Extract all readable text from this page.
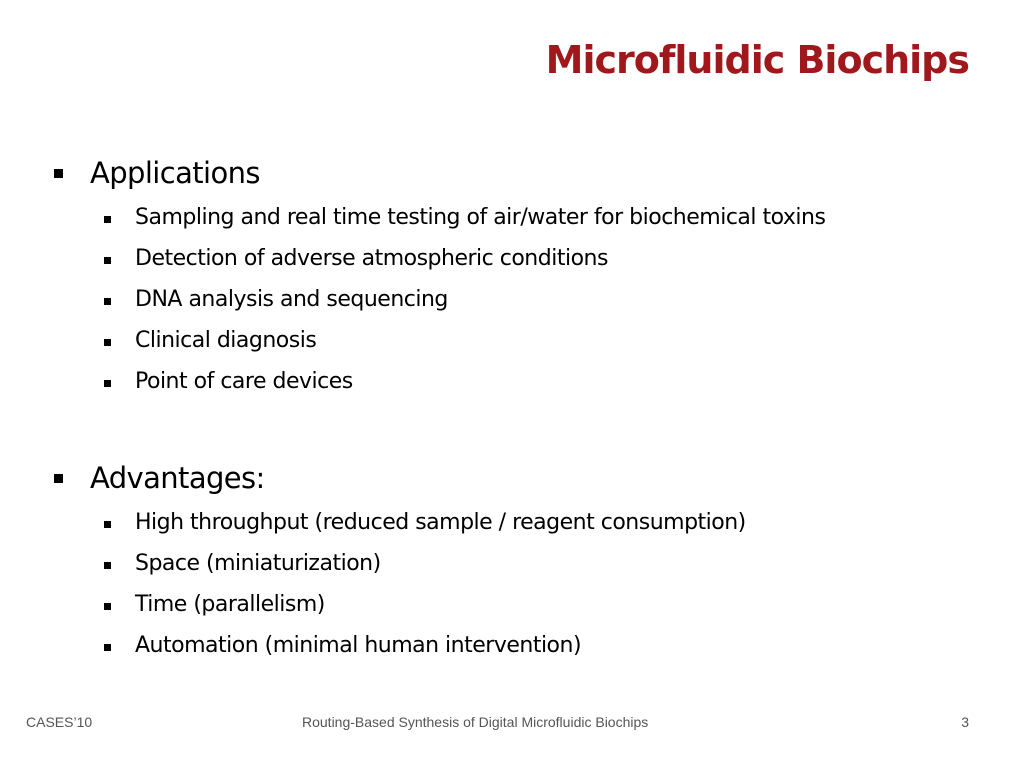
Microfluidic Biochips
Applications
Sampling and real time testing of air/water for biochemical toxins
Detection of adverse atmospheric conditions
DNA analysis and sequencing
Clinical diagnosis
Point of care devices
Advantages:
High throughput (reduced sample / reagent consumption)
Space (miniaturization)
Time (parallelism)
Automation (minimal human intervention)
CASES’10	Routing-Based Synthesis of Digital Microfluidic Biochips	3
